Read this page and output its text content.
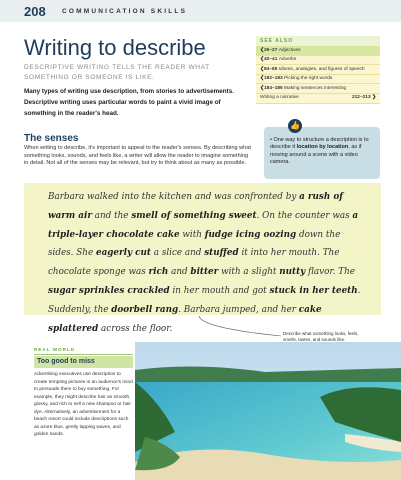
208	COMMUNICATION SKILLS
Writing to describe
DESCRIPTIVE WRITING TELLS THE READER WHAT SOMETHING OR SOMEONE IS LIKE.
Many types of writing use description, from stories to advertisements. Descriptive writing uses particular words to paint a vivid image of something in the reader's head.
SEE ALSO
❮26–27 Adjectives
❮40–41 Adverbs
❮84–85 Idioms, analogies, and figures of speech
❮182–183 Picking the right words
❮184–185 Making sentences interesting
Writing a narrative	212–213 ❯
The senses
When writing to describe, it's important to appeal to the reader's senses. By describing what something looks, sounds, and feels like, a writer will allow the reader to imagine something in detail. Not all of the senses may be relevant, but try to think about as many as possible.
👍
• One way to structure a description is to describe it location by location, as if moving around a scene with a video camera.
Barbara walked into the kitchen and was confronted by a rush of warm air and the smell of something sweet. On the counter was a triple-layer chocolate cake with fudge icing oozing down the sides. She eagerly cut a slice and stuffed it into her mouth. The chocolate sponge was rich and bitter with a slight nutty flavor. The sugar sprinkles crackled in her mouth and got stuck in her teeth. Suddenly, the doorbell rang. Barbara jumped, and her cake splattered across the floor.	Describe what something looks, feels, smells, tastes, and sounds like.
REAL WORLD
Too good to miss
Advertising executives use description to create tempting pictures in an audience's mind to persuade them to buy something. For example, they might describe hair as smooth, glossy, and rich to sell a new shampoo or hair dye. Alternatively, an advertisement for a beach resort could include descriptions such as azure blue, gently lapping waves, and golden sands.
